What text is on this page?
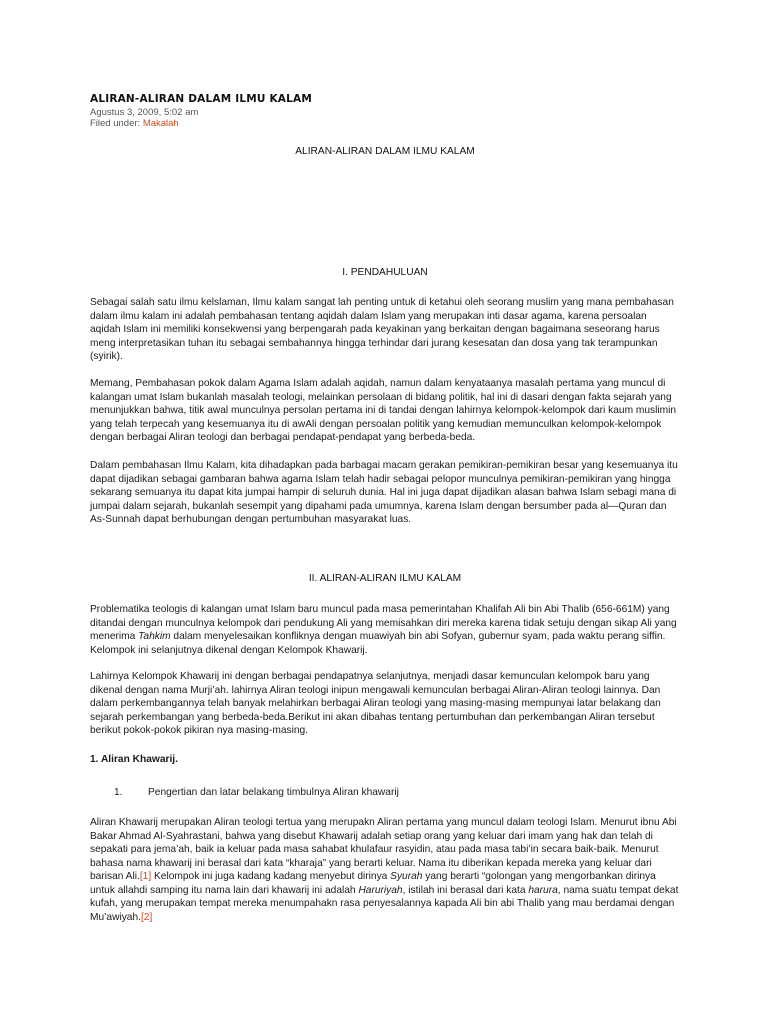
ALIRAN-ALIRAN DALAM ILMU KALAM
Agustus 3, 2009, 5:02 am
Filed under: Makalah
ALIRAN-ALIRAN DALAM ILMU KALAM
I. PENDAHULUAN

Sebagai salah satu ilmu kelslaman, Ilmu kalam sangat lah penting untuk di ketahui oleh seorang muslim yang mana pembahasan dalam ilmu kalam ini adalah pembahasan tentang aqidah dalam Islam yang merupakan inti dasar agama, karena persoalan aqidah Islam ini memiliki konsekwensi yang berpengarah pada keyakinan yang berkaitan dengan bagaimana seseorang harus meng interpretasikan tuhan itu sebagai sembahannya hingga terhindar dari jurang kesesatan dan dosa yang tak terampunkan (syirik).

Memang, Pembahasan pokok dalam Agama Islam adalah aqidah, namun dalam kenyataanya masalah pertama yang muncul di kalangan umat Islam bukanlah masalah teologi, melainkan persolaan di bidang politik, hal ini di dasari dengan fakta sejarah yang menunjukkan bahwa, titik awal munculnya persolan pertama ini di tandai dengan lahirnya kelompok-kelompok dari kaum muslimin yang telah terpecah yang kesemuanya itu di awAli dengan persoalan politik yang kemudian memunculkan kelompok-kelompok dengan berbagai Aliran teologi dan berbagai pendapat-pendapat yang berbeda-beda.

Dalam pembahasan Ilmu Kalam, kita dihadapkan pada barbagai macam gerakan pemikiran-pemikiran besar yang kesemuanya itu dapat dijadikan sebagai gambaran bahwa agama Islam telah hadir sebagai pelopor munculnya pemikiran-pemikiran yang hingga sekarang semuanya itu dapat kita jumpai hampir di seluruh dunia. Hal ini juga dapat dijadikan alasan bahwa Islam sebagi mana di jumpai dalam sejarah, bukanlah sesempit yang dipahami pada umumnya, karena Islam dengan bersumber pada al—Quran dan As-Sunnah dapat berhubungan dengan pertumbuhan masyarakat luas.

II. ALIRAN-ALIRAN ILMU KALAM

Problematika teologis di kalangan umat Islam baru muncul pada masa pemerintahan Khalifah Ali bin Abi Thalib (656-661M) yang ditandai dengan munculnya kelompok dari pendukung Ali yang memisahkan diri mereka karena tidak setuju dengan sikap Ali yang menerima Tahkim dalam menyelesaikan konfliknya dengan muawiyah bin abi Sofyan, gubernur syam, pada waktu perang siffin. Kelompok ini selanjutnya dikenal dengan Kelompok Khawarij.

Lahirnya Kelompok Khawarij ini dengan berbagai pendapatnya selanjutnya, menjadi dasar kemunculan kelompok baru yang dikenal dengan nama Murji’ah. lahirnya Aliran teologi inipun mengawali kemunculan berbagai Aliran-Aliran teologi lainnya. Dan dalam perkembangannya telah banyak melahirkan berbagai Aliran teologi yang masing-masing mempunyai latar belakang dan sejarah perkembangan yang berbeda-beda.Berikut ini akan dibahas tentang pertumbuhan dan perkembangan Aliran tersebut berikut pokok-pokok pikiran nya masing-masing.

1. Aliran Khawarij.
1.	Pengertian dan latar belakang timbulnya Aliran khawarij

Aliran Khawarij merupakan Aliran teologi tertua yang merupakn Aliran pertama yang muncul dalam teologi Islam. Menurut ibnu Abi Bakar Ahmad Al-Syahrastani, bahwa yang disebut Khawarij adalah setiap orang yang keluar dari imam yang hak dan telah di sepakati para jema’ah, baik ia keluar pada masa sahabat khulafaur rasyidin, atau pada masa tabi’in secara baik-baik. Menurut bahasa nama khawarij ini berasal dari kata “kharaja” yang berarti keluar. Nama itu diberikan kepada mereka yang keluar dari barisan Ali.[1] Kelompok ini juga kadang kadang menyebut dirinya Syurah yang berarti “golongan yang mengorbankan dirinya untuk allahdi samping itu nama lain dari khawarij ini adalah Haruriyah, istilah ini berasal dari kata harura, nama suatu tempat dekat kufah, yang merupakan tempat mereka menumpahakn rasa penyesalannya kapada Ali bin abi Thalib yang mau berdamai dengan Mu’awiyah.[2]
